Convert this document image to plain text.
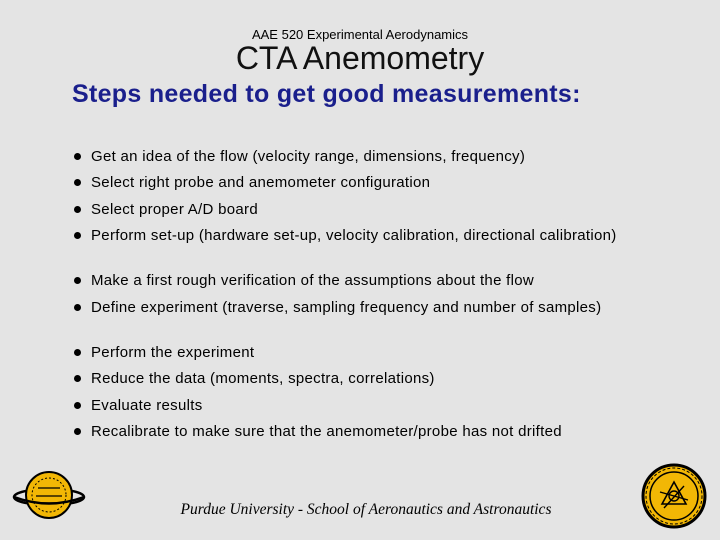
AAE 520 Experimental Aerodynamics
CTA Anemometry
Steps needed to get good measurements:
Get an idea of the flow (velocity range, dimensions, frequency)
Select right probe and anemometer configuration
Select proper A/D board
Perform set-up (hardware set-up, velocity calibration, directional calibration)
Make a first rough verification of the assumptions about the flow
Define experiment (traverse, sampling frequency and number of samples)
Perform the experiment
Reduce the data (moments, spectra, correlations)
Evaluate results
Recalibrate to make sure that the anemometer/probe has not drifted
Purdue University - School of Aeronautics and Astronautics
